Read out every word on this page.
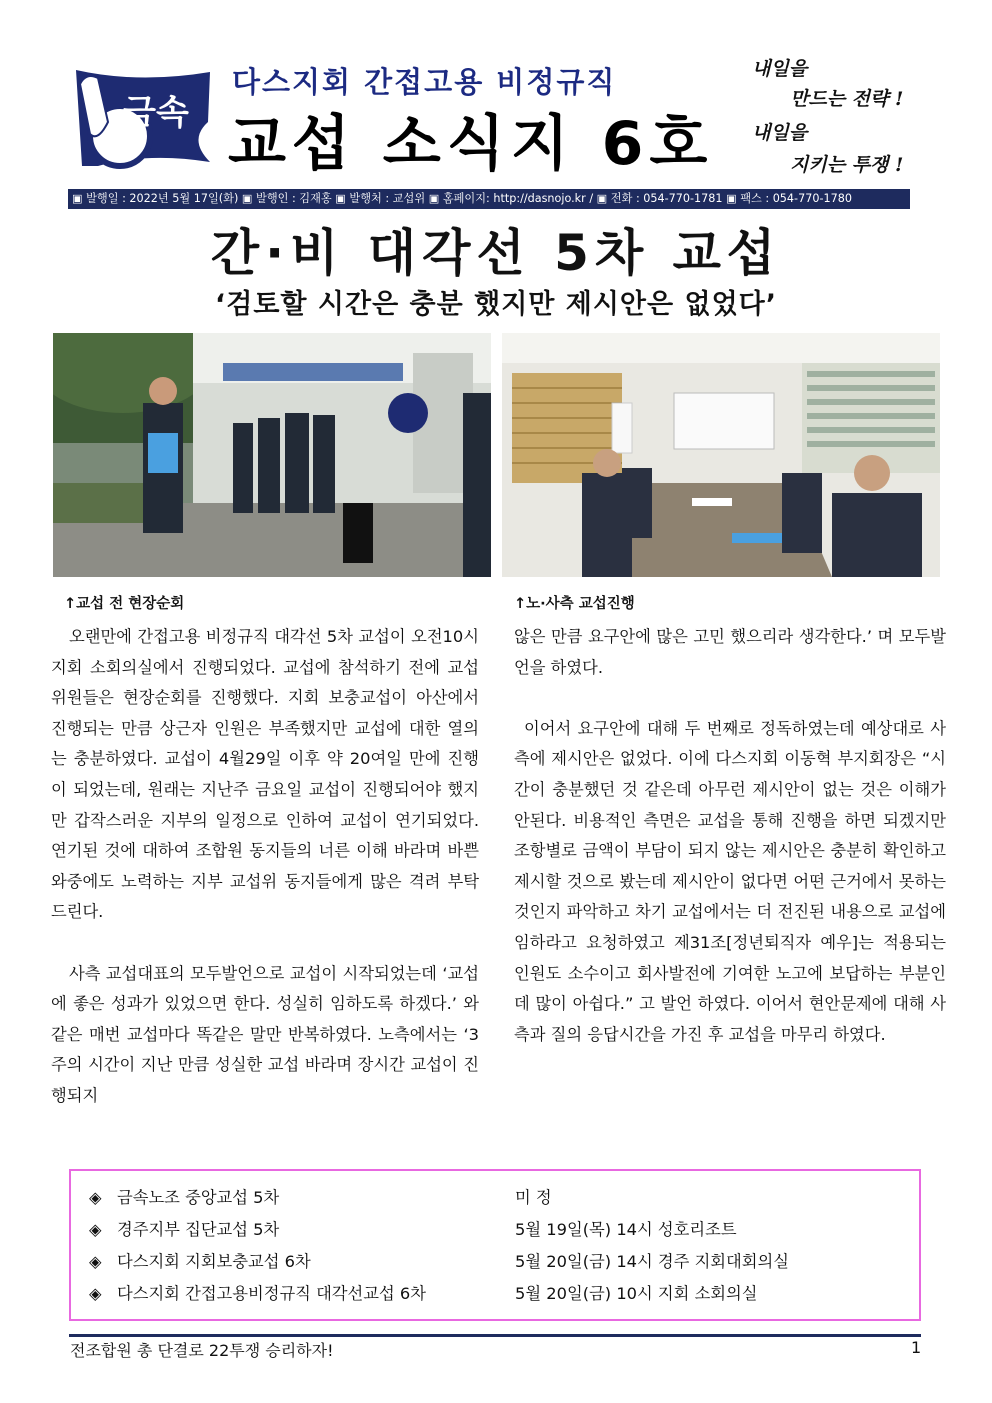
금속
다스지회 간접고용 비정규직
교섭 소식지 6호
내일을
만드는 전략 !
내일을
지키는 투쟁 !
▣ 발행일 : 2022년 5월 17일(화) ▣ 발행인 : 김재홍 ▣ 발행처 : 교섭위 ▣ 홈페이지: http://dasnojo.kr / ▣ 전화 : 054-770-1781 ▣ 팩스 : 054-770-1780
간·비 대각선 5차 교섭
‘검토할 시간은 충분 했지만 제시안은 없었다’
↑교섭 전 현장순회	↑노·사측 교섭진행

오랜만에 간접고용 비정규직 대각선 5차 교섭이 오전10시 지회 소회의실에서 진행되었다. 교섭에 참석하기 전에 교섭위원들은 현장순회를 진행했다. 지회 보충교섭이 아산에서 진행되는 만큼 상근자 인원은 부족했지만 교섭에 대한 열의는 충분하였다. 교섭이 4월29일 이후 약 20여일 만에 진행이 되었는데, 원래는 지난주 금요일 교섭이 진행되어야 했지만 갑작스러운 지부의 일정으로 인하여 교섭이 연기되었다. 연기된 것에 대하여 조합원 동지들의 너른 이해 바라며 바쁜 와중에도 노력하는 지부 교섭위 동지들에게 많은 격려 부탁드린다.

사측 교섭대표의 모두발언으로 교섭이 시작되었는데 ‘교섭에 좋은 성과가 있었으면 한다. 성실히 임하도록 하겠다.’ 와 같은 매번 교섭마다 똑같은 말만 반복하였다. 노측에서는 ‘3주의 시간이 지난 만큼 성실한 교섭 바라며 장시간 교섭이 진행되지

않은 만큼 요구안에 많은 고민 했으리라 생각한다.’ 며 모두발언을 하였다.

이어서 요구안에 대해 두 번째로 정독하였는데 예상대로 사측에 제시안은 없었다. 이에 다스지회 이동혁 부지회장은 “시간이 충분했던 것 같은데 아무런 제시안이 없는 것은 이해가 안된다. 비용적인 측면은 교섭을 통해 진행을 하면 되겠지만 조항별로 금액이 부담이 되지 않는 제시안은 충분히 확인하고 제시할 것으로 봤는데 제시안이 없다면 어떤 근거에서 못하는 것인지 파악하고 차기 교섭에서는 더 전진된 내용으로 교섭에 임하라고 요청하였고 제31조[정년퇴직자 예우]는 적용되는 인원도 소수이고 회사발전에 기여한 노고에 보답하는 부분인데 많이 아쉽다.” 고 발언 하였다. 이어서 현안문제에 대해 사측과 질의 응답시간을 가진 후 교섭을 마무리 하였다.

◈ 금속노조 중앙교섭 5차	미 정
◈ 경주지부 집단교섭 5차	5월 19일(목) 14시 성호리조트
◈ 다스지회 지회보충교섭 6차	5월 20일(금) 14시 경주 지회대회의실
◈ 다스지회 간접고용비정규직 대각선교섭 6차	5월 20일(금) 10시 지회 소회의실
전조합원 총 단결로 22투쟁 승리하자!	1
